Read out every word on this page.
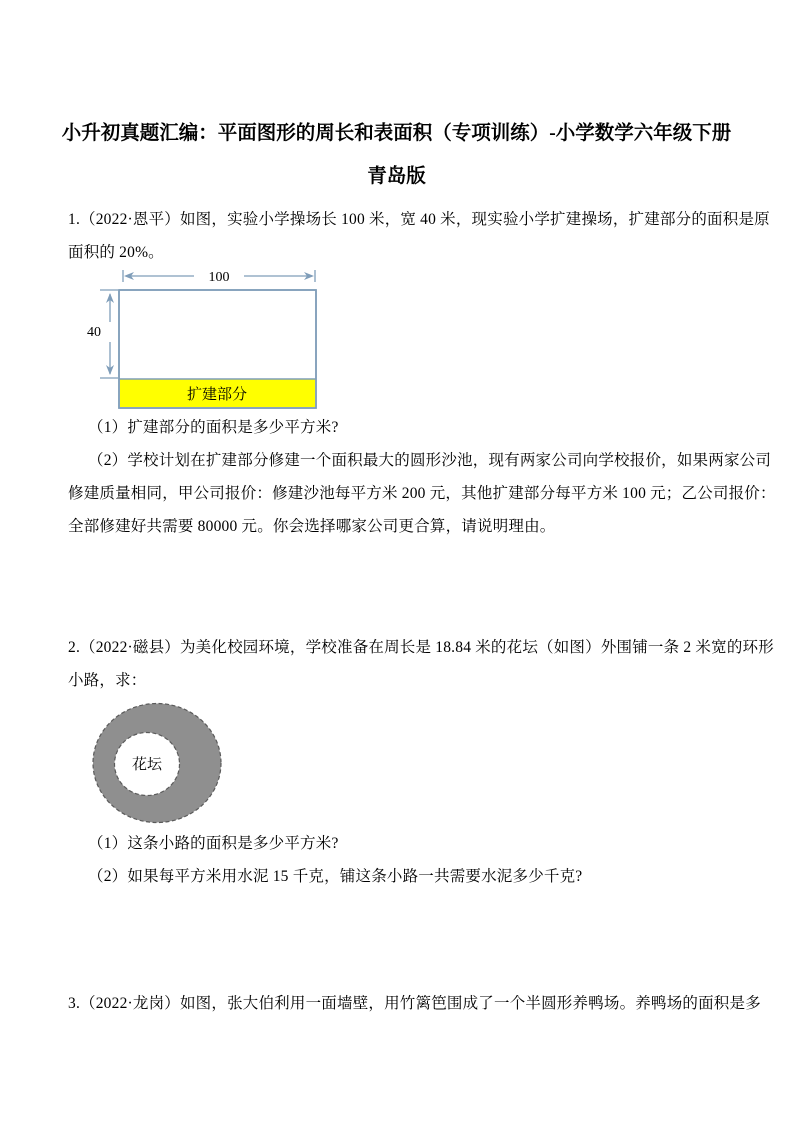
小升初真题汇编：平面图形的周长和表面积（专项训练）-小学数学六年级下册
青岛版
1.（2022·恩平）如图，实验小学操场长 100 米，宽 40 米，现实验小学扩建操场，扩建部分的面积是原
面积的 20%。
扩建部分
100
40
（1）扩建部分的面积是多少平方米?
（2）学校计划在扩建部分修建一个面积最大的圆形沙池，现有两家公司向学校报价，如果两家公司
修建质量相同，甲公司报价：修建沙池每平方米 200 元，其他扩建部分每平方米 100 元；乙公司报价：
全部修建好共需要 80000 元。你会选择哪家公司更合算，请说明理由。
2.（2022·磁县）为美化校园环境，学校准备在周长是 18.84 米的花坛（如图）外围铺一条 2 米宽的环形
小路，求：
花坛
（1）这条小路的面积是多少平方米?
（2）如果每平方米用水泥 15 千克，铺这条小路一共需要水泥多少千克?
3.（2022·龙岗）如图，张大伯利用一面墙壁，用竹篱笆围成了一个半圆形养鸭场。养鸭场的面积是多
